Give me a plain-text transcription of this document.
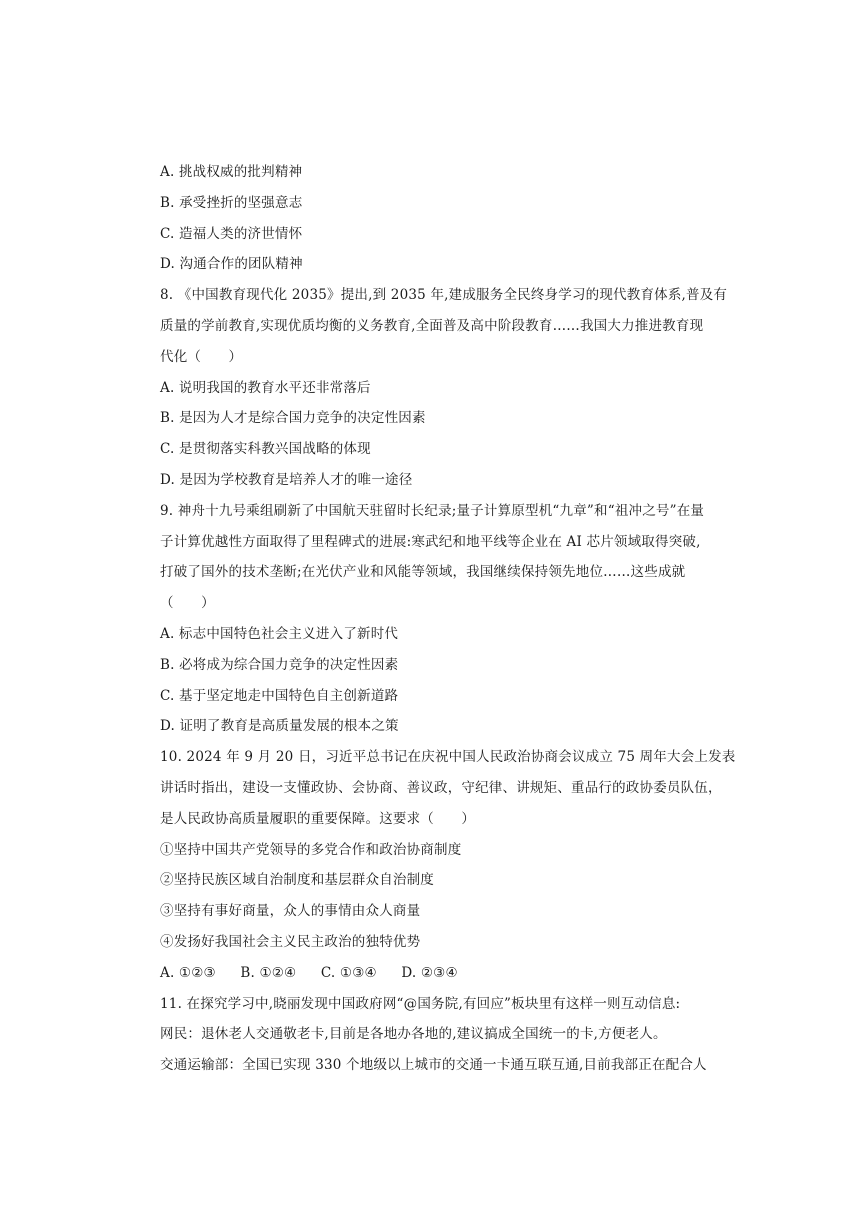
A. 挑战权威的批判精神
B. 承受挫折的坚强意志
C. 造福人类的济世情怀
D. 沟通合作的团队精神
8. 《中国教育现代化 2035》提出,到 2035 年,建成服务全民终身学习的现代教育体系,普及有
质量的学前教育,实现优质均衡的义务教育,全面普及高中阶段教育……我国大力推进教育现
代化（　　）
A. 说明我国的教育水平还非常落后
B. 是因为人才是综合国力竞争的决定性因素
C. 是贯彻落实科教兴国战略的体现
D. 是因为学校教育是培养人才的唯一途径
9. 神舟十九号乘组刷新了中国航天驻留时长纪录;量子计算原型机“九章”和“祖冲之号”在量
子计算优越性方面取得了里程碑式的进展:寒武纪和地平线等企业在 AI 芯片领域取得突破,
打破了国外的技术垄断;在光伏产业和风能等领域，我国继续保持领先地位……这些成就
（　　）
A. 标志中国特色社会主义进入了新时代
B. 必将成为综合国力竞争的决定性因素
C. 基于坚定地走中国特色自主创新道路
D. 证明了教育是高质量发展的根本之策
10. 2024 年 9 月 20 日，习近平总书记在庆祝中国人民政治协商会议成立 75 周年大会上发表
讲话时指出，建设一支懂政协、会协商、善议政，守纪律、讲规矩、重品行的政协委员队伍，
是人民政协高质量履职的重要保障。这要求（　　）
①坚持中国共产党领导的多党合作和政治协商制度
②坚持民族区域自治制度和基层群众自治制度
③坚持有事好商量，众人的事情由众人商量
④发扬好我国社会主义民主政治的独特优势
A. ①②③ B. ①②④ C. ①③④ D. ②③④
11. 在探究学习中,晓丽发现中国政府网“@国务院,有回应”板块里有这样一则互动信息:
网民：退休老人交通敬老卡,目前是各地办各地的,建议搞成全国统一的卡,方便老人。
交通运输部：全国已实现 330 个地级以上城市的交通一卡通互联互通,目前我部正在配合人
